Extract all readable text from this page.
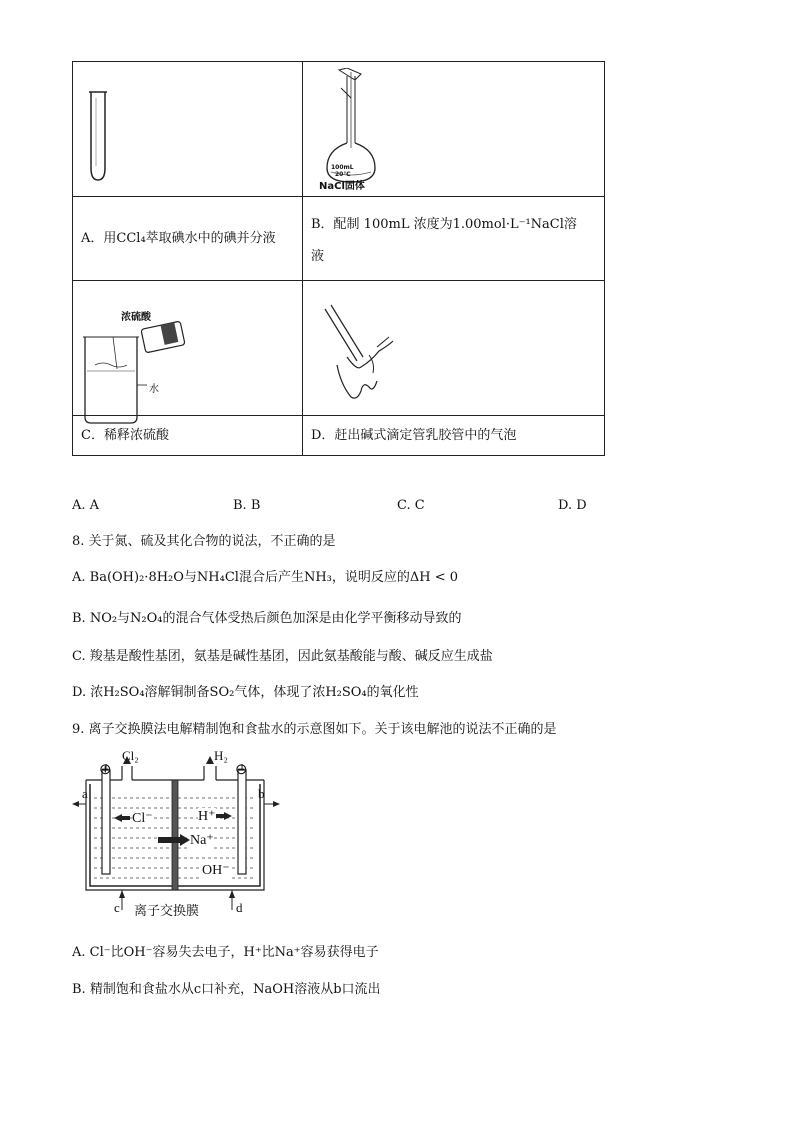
100mL
20℃
NaCl固体

A．用CCl₄萃取碘水中的碘并分液	B．配制 100mL 浓度为1.00mol·L⁻¹NaCl溶
液

浓硫酸
水

C．稀释浓硫酸	D．赶出碱式滴定管乳胶管中的气泡
A. A	B. B	C. C	D. D
8. 关于氮、硫及其化合物的说法，不正确的是
A. Ba(OH)₂·8H₂O与NH₄Cl混合后产生NH₃，说明反应的ΔH < 0
B. NO₂与N₂O₄的混合气体受热后颜色加深是由化学平衡移动导致的
C. 羧基是酸性基团，氨基是碱性基团，因此氨基酸能与酸、碱反应生成盐
D. 浓H₂SO₄溶解铜制备SO₂气体，体现了浓H₂SO₄的氧化性
9. 离子交换膜法电解精制饱和食盐水的示意图如下。关于该电解池的说法不正确的是
Cl₂	H₂
⊕	⊖
a	b
Cl⁻	H⁺
Na⁺
OH⁻
c	d
离子交换膜
A. Cl⁻比OH⁻容易失去电子，H⁺比Na⁺容易获得电子
B. 精制饱和食盐水从c口补充，NaOH溶液从b口流出
